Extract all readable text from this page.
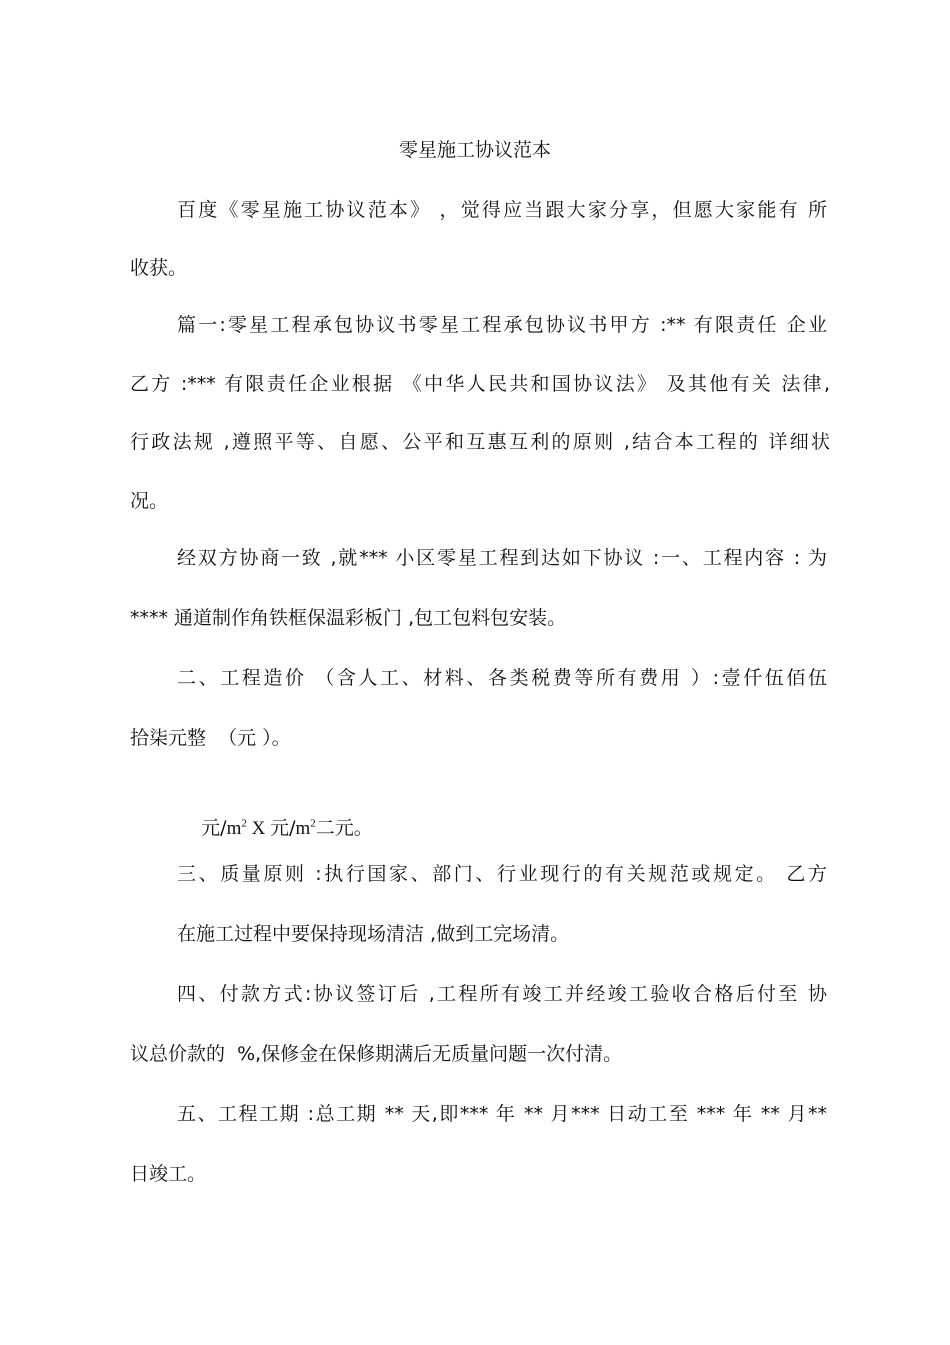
零星施工协议范本
百度《零星施工协议范本》 ，觉得应当跟大家分享，但愿大家能有 所
收获。
篇一:零星工程承包协议书零星工程承包协议书甲方 :** 有限责任 企业
乙方 :*** 有限责任企业根据 《中华人民共和国协议法》 及其他有关 法律,
行政法规 ,遵照平等、自愿、公平和互惠互利的原则 ,结合本工程的 详细状
况。
经双方协商一致 ,就*** 小区零星工程到达如下协议 :一、工程内容 : 为
**** 通道制作角铁框保温彩板门 ,包工包料包安装。
二、工程造价 （含人工、材料、各类税费等所有费用 ）:壹仟伍佰伍
拾柒元整  （元 ）。

元$/m^2$ X 元$/m^2$二元。

三、质量原则 :执行国家、部门、行业现行的有关规范或规定。 乙方
在施工过程中要保持现场清洁 ,做到工完场清。
四、付款方式:协议签订后 ,工程所有竣工并经竣工验收合格后付至 协
议总价款的  %,保修金在保修期满后无质量问题一次付清。
五、工程工期 :总工期 ** 天,即*** 年 ** 月*** 日动工至 *** 年 ** 月**
日竣工。
